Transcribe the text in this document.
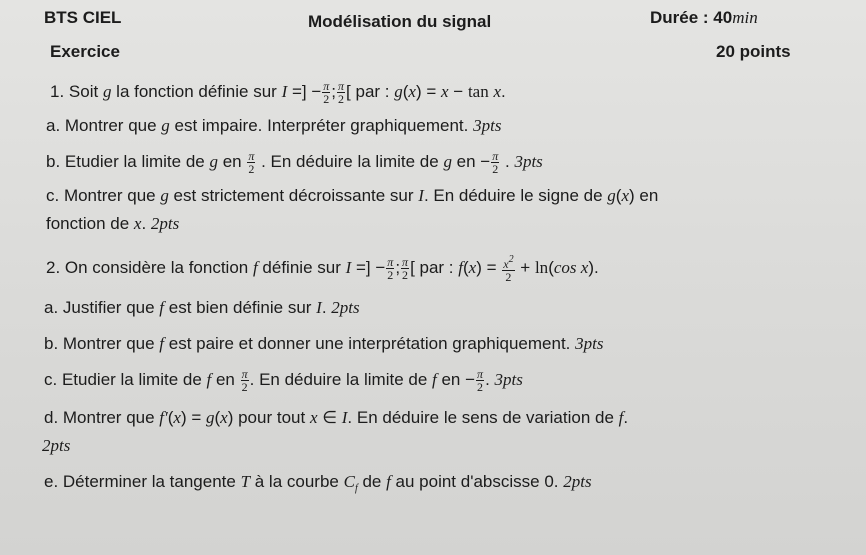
BTS CIEL	Modélisation du signal	Durée : 40min
Exercice	20 points
1. Soit g la fonction définie sur I =] − $\frac{\pi}{2}$ ; $\frac{\pi}{2}$ [ par : g(x) = x − tan x.
a. Montrer que g est impaire. Interpréter graphiquement. 3pts
b. Etudier la limite de g en $\frac{\pi}{2}$ . En déduire la limite de g en − $\frac{\pi}{2}$ . 3pts
c. Montrer que g est strictement décroissante sur I. En déduire le signe de g(x) en
fonction de x. 2pts
2. On considère la fonction f définie sur I =] − $\frac{\pi}{2}$ ; $\frac{\pi}{2}$ [ par : $f(x) = \frac{x^2}{2} + \ln(\cos$ x).
a. Justifier que f est bien définie sur I. 2pts
b. Montrer que f est paire et donner une interprétation graphiquement. 3pts
c. Etudier la limite de f en $\frac{\pi}{2}$ . En déduire la limite de f en − $\frac{\pi}{2}$ . 3pts
d. Montrer que f′(x) = g(x) pour tout x ∈ I. En déduire le sens de variation de f.
2pts
e. Déterminer la tangente T à la courbe $C_f$ de f au point d'abscisse 0. 2pts
